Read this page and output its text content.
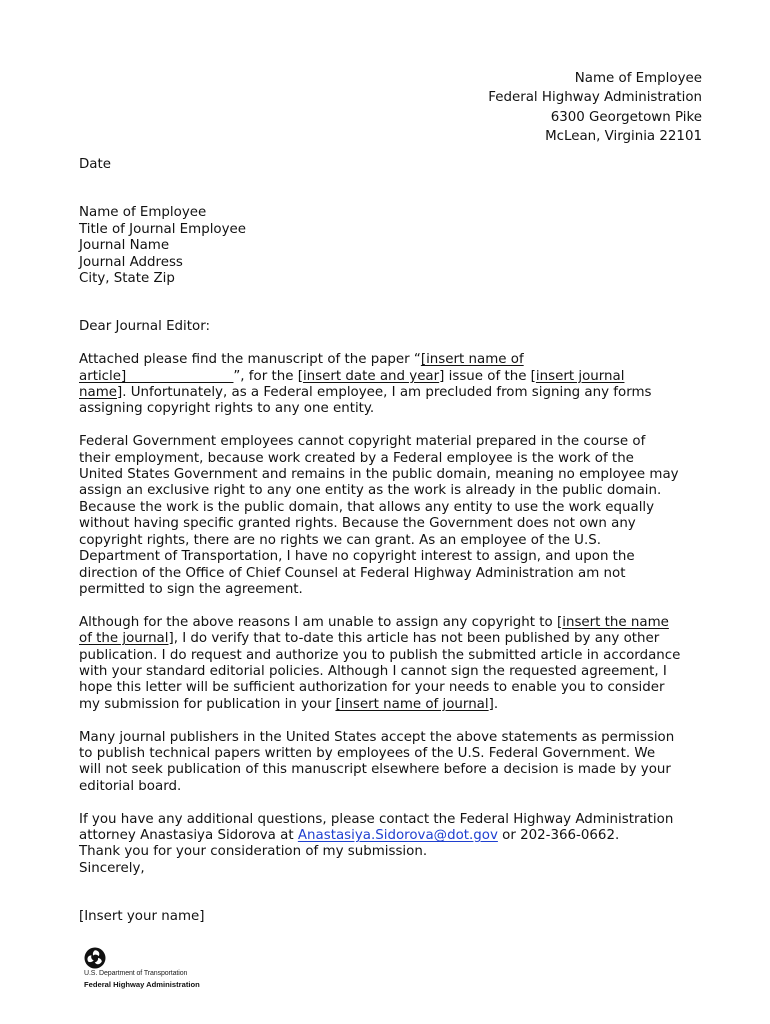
Name of Employee
Federal Highway Administration
6300 Georgetown Pike
McLean, Virginia 22101
Date
Name of Employee
Title of Journal Employee
Journal Name
Journal Address
City, State Zip
Dear Journal Editor:
Attached please find the manuscript of the paper “[insert name of
article]________________”, for the [insert date and year] issue of the [insert journal
name]. Unfortunately, as a Federal employee, I am precluded from signing any forms
assigning copyright rights to any one entity.
Federal Government employees cannot copyright material prepared in the course of
their employment, because work created by a Federal employee is the work of the
United States Government and remains in the public domain, meaning no employee may
assign an exclusive right to any one entity as the work is already in the public domain.
Because the work is the public domain, that allows any entity to use the work equally
without having specific granted rights. Because the Government does not own any
copyright rights, there are no rights we can grant. As an employee of the U.S.
Department of Transportation, I have no copyright interest to assign, and upon the
direction of the Office of Chief Counsel at Federal Highway Administration am not
permitted to sign the agreement.
Although for the above reasons I am unable to assign any copyright to [insert the name
of the journal], I do verify that to-date this article has not been published by any other
publication. I do request and authorize you to publish the submitted article in accordance
with your standard editorial policies. Although I cannot sign the requested agreement, I
hope this letter will be sufficient authorization for your needs to enable you to consider
my submission for publication in your [insert name of journal].
Many journal publishers in the United States accept the above statements as permission
to publish technical papers written by employees of the U.S. Federal Government. We
will not seek publication of this manuscript elsewhere before a decision is made by your
editorial board.
If you have any additional questions, please contact the Federal Highway Administration
attorney Anastasiya Sidorova at Anastasiya.Sidorova@dot.gov or 202-366-0662.
Thank you for your consideration of my submission.
Sincerely,
[Insert your name]
U.S. Department of Transportation
Federal Highway Administration
